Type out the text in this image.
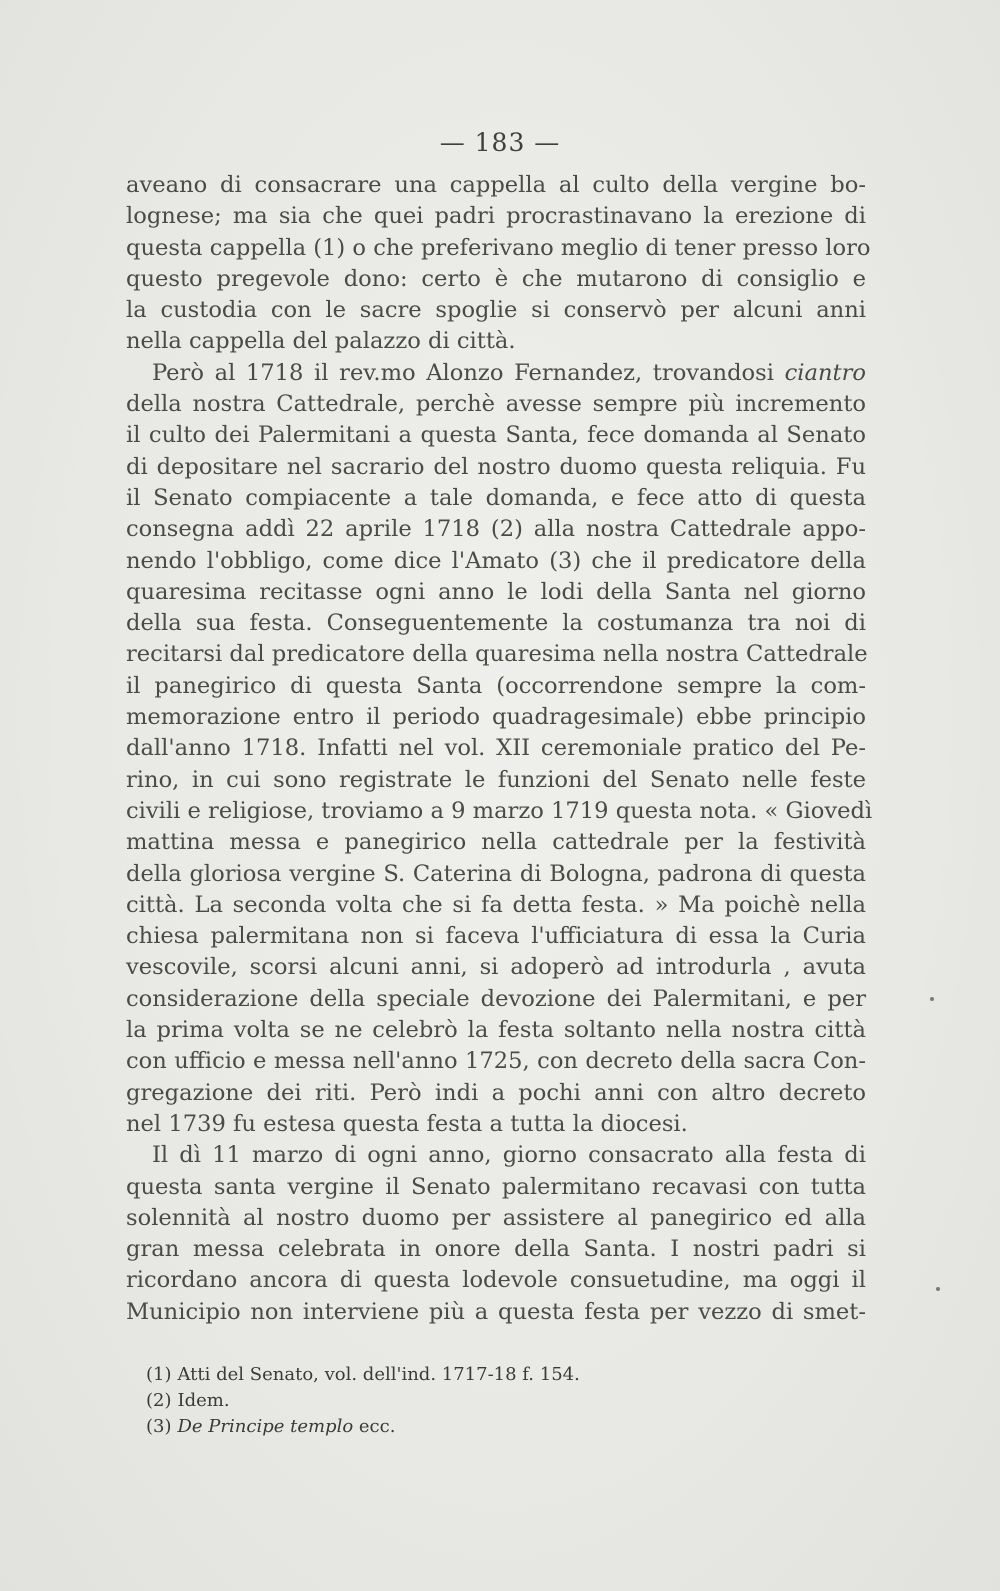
— 183 —
aveano di consacrare una cappella al culto della vergine bo-
lognese; ma sia che quei padri procrastinavano la erezione di
questa cappella (1) o che preferivano meglio di tener presso loro
questo pregevole dono: certo è che mutarono di consiglio e
la custodia con le sacre spoglie si conservò per alcuni anni
nella cappella del palazzo di città.
Però al 1718 il rev.mo Alonzo Fernandez, trovandosi ciantro
della nostra Cattedrale, perchè avesse sempre più incremento
il culto dei Palermitani a questa Santa, fece domanda al Senato
di depositare nel sacrario del nostro duomo questa reliquia. Fu
il Senato compiacente a tale domanda, e fece atto di questa
consegna addì 22 aprile 1718 (2) alla nostra Cattedrale appo-
nendo l'obbligo, come dice l'Amato (3) che il predicatore della
quaresima recitasse ogni anno le lodi della Santa nel giorno
della sua festa. Conseguentemente la costumanza tra noi di
recitarsi dal predicatore della quaresima nella nostra Cattedrale
il panegirico di questa Santa (occorrendone sempre la com-
memorazione entro il periodo quadragesimale) ebbe principio
dall'anno 1718. Infatti nel vol. XII ceremoniale pratico del Pe-
rino, in cui sono registrate le funzioni del Senato nelle feste
civili e religiose, troviamo a 9 marzo 1719 questa nota. « Giovedì
mattina messa e panegirico nella cattedrale per la festività
della gloriosa vergine S. Caterina di Bologna, padrona di questa
città. La seconda volta che si fa detta festa. » Ma poichè nella
chiesa palermitana non si faceva l'ufficiatura di essa la Curia
vescovile, scorsi alcuni anni, si adoperò ad introdurla , avuta
considerazione della speciale devozione dei Palermitani, e per
la prima volta se ne celebrò la festa soltanto nella nostra città
con ufficio e messa nell'anno 1725, con decreto della sacra Con-
gregazione dei riti. Però indi a pochi anni con altro decreto
nel 1739 fu estesa questa festa a tutta la diocesi.
Il dì 11 marzo di ogni anno, giorno consacrato alla festa di
questa santa vergine il Senato palermitano recavasi con tutta
solennità al nostro duomo per assistere al panegirico ed alla
gran messa celebrata in onore della Santa. I nostri padri si
ricordano ancora di questa lodevole consuetudine, ma oggi il
Municipio non interviene più a questa festa per vezzo di smet-
(1) Atti del Senato, vol. dell'ind. 1717-18 f. 154.
(2) Idem.
(3) De Principe templo ecc.
